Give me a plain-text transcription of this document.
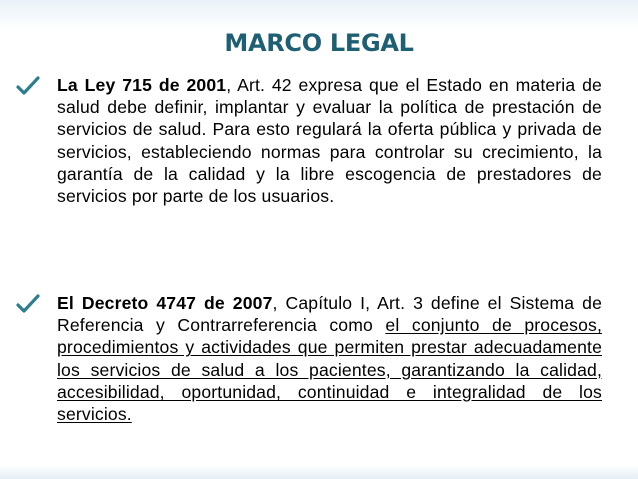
MARCO LEGAL

La Ley 715 de 2001, Art. 42 expresa que el Estado en materia de salud debe definir, implantar y evaluar la política de prestación de servicios de salud. Para esto regulará la oferta pública y privada de servicios, estableciendo normas para controlar su crecimiento, la garantía de la calidad y la libre escogencia de prestadores de servicios por parte de los usuarios.

El Decreto 4747 de 2007, Capítulo I, Art. 3 define el Sistema de Referencia y Contrarreferencia como el conjunto de procesos, procedimientos y actividades que permiten prestar adecuadamente los servicios de salud a los pacientes, garantizando la calidad, accesibilidad, oportunidad, continuidad e integralidad de los servicios.
